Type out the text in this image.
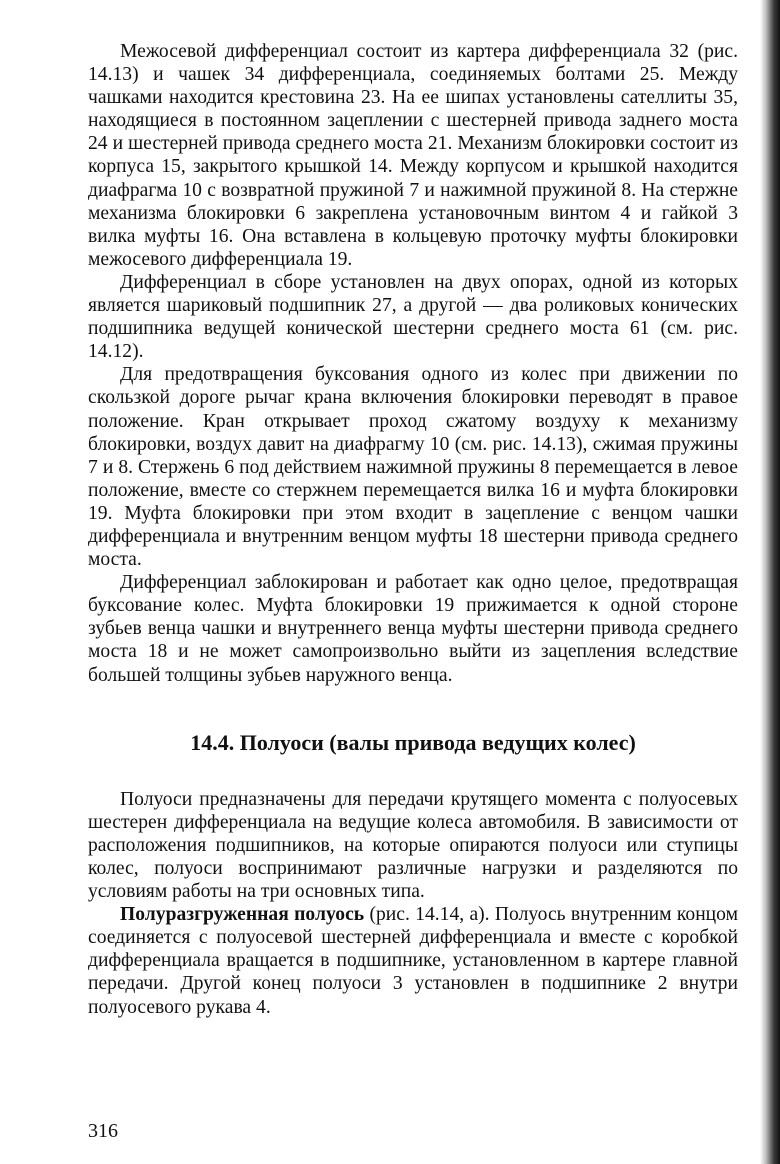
Межосевой дифференциал состоит из картера дифференциала 32 (рис. 14.13) и чашек 34 дифференциала, соединяемых болтами 25. Между чашками находится крестовина 23. На ее шипах установлены сателлиты 35, находящиеся в постоянном зацеплении с шестерней привода заднего моста 24 и шестерней привода среднего моста 21. Механизм блокировки состоит из корпуса 15, закрытого крышкой 14. Между корпусом и крышкой находится диафрагма 10 с возвратной пружиной 7 и нажимной пружиной 8. На стержне механизма блокировки 6 закреплена установочным винтом 4 и гайкой 3 вилка муфты 16. Она вставлена в кольцевую проточку муфты блокировки межосевого дифференциала 19.

Дифференциал в сборе установлен на двух опорах, одной из которых является шариковый подшипник 27, а другой — два роликовых конических подшипника ведущей конической шестерни среднего моста 61 (см. рис. 14.12).

Для предотвращения буксования одного из колес при движении по скользкой дороге рычаг крана включения блокировки переводят в правое положение. Кран открывает проход сжатому воздуху к механизму блокировки, воздух давит на диафрагму 10 (см. рис. 14.13), сжимая пружины 7 и 8. Стержень 6 под действием нажимной пружины 8 перемещается в левое положение, вместе со стержнем перемещается вилка 16 и муфта блокировки 19. Муфта блокировки при этом входит в зацепление с венцом чашки дифференциала и внутренним венцом муфты 18 шестерни привода среднего моста.

Дифференциал заблокирован и работает как одно целое, предотвращая буксование колес. Муфта блокировки 19 прижимается к одной стороне зубьев венца чашки и внутреннего венца муфты шестерни привода среднего моста 18 и не может самопроизвольно выйти из зацепления вследствие большей толщины зубьев наружного венца.

14.4. Полуоси (валы привода ведущих колес)

Полуоси предназначены для передачи крутящего момента с полуосевых шестерен дифференциала на ведущие колеса автомобиля. В зависимости от расположения подшипников, на которые опираются полуоси или ступицы колес, полуоси воспринимают различные нагрузки и разделяются по условиям работы на три основных типа.

Полуразгруженная полуось (рис. 14.14, а). Полуось внутренним концом соединяется с полуосевой шестерней дифференциала и вместе с коробкой дифференциала вращается в подшипнике, установленном в картере главной передачи. Другой конец полуоси 3 установлен в подшипнике 2 внутри полуосевого рукава 4.

316
